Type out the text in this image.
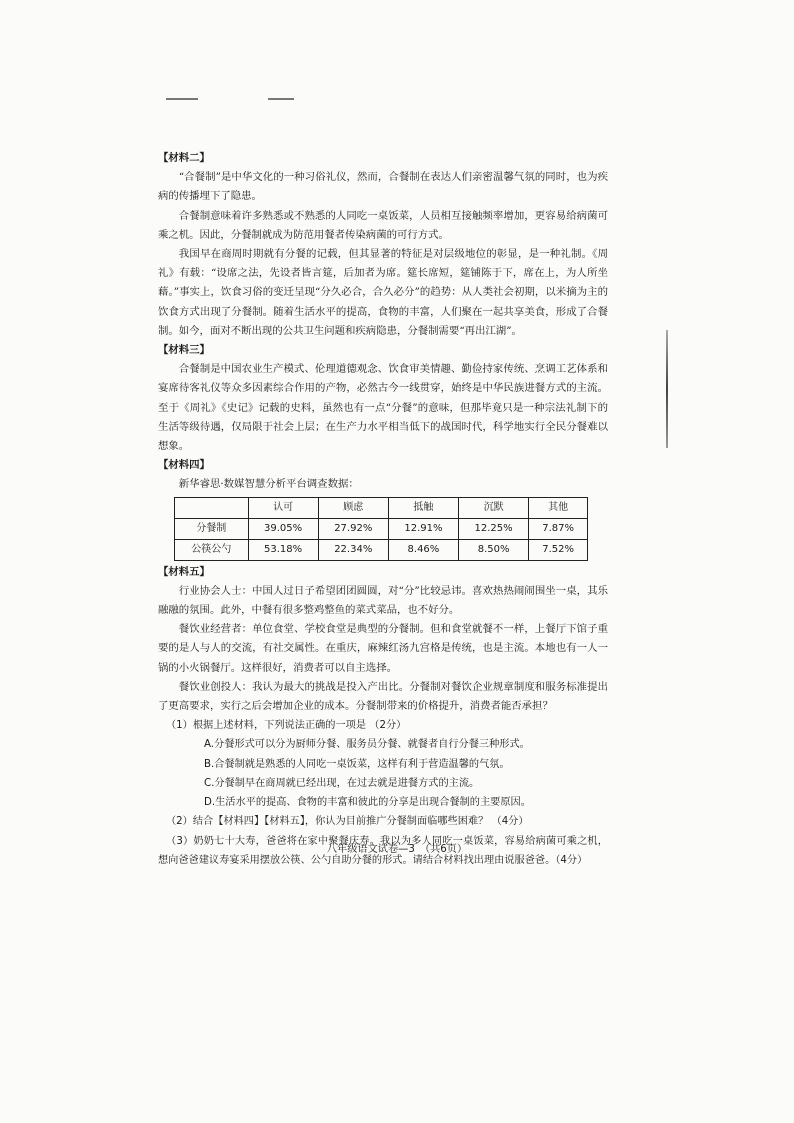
【材料二】

“合餐制”是中华文化的一种习俗礼仪，然而，合餐制在表达人们亲密温馨气氛的同时，也为疾病的传播埋下了隐患。

合餐制意味着许多熟悉或不熟悉的人同吃一桌饭菜，人员相互接触频率增加，更容易给病菌可乘之机。因此，分餐制就成为防范用餐者传染病菌的可行方式。

我国早在商周时期就有分餐的记载，但其显著的特征是对层级地位的彰显，是一种礼制。《周礼》有载：“设席之法，先设者皆言筵，后加者为席。筵长席短，筵铺陈于下，席在上，为人所坐藉。”事实上，饮食习俗的变迁呈现“分久必合，合久必分”的趋势：从人类社会初期，以米摘为主的饮食方式出现了分餐制。随着生活水平的提高，食物的丰富，人们聚在一起共享美食，形成了合餐制。如今，面对不断出现的公共卫生问题和疾病隐患，分餐制需要“再出江湖”。

【材料三】

合餐制是中国农业生产模式、伦理道德观念、饮食审美情趣、勤俭持家传统、烹调工艺体系和宴席待客礼仪等众多因素综合作用的产物，必然古今一线贯穿，始终是中华民族进餐方式的主流。至于《周礼》《史记》记载的史料，虽然也有一点“分餐”的意味，但那毕竟只是一种宗法礼制下的生活等级待遇，仅局限于社会上层；在生产力水平相当低下的战国时代，科学地实行全民分餐难以想象。

【材料四】

新华睿思·数媒智慧分析平台调查数据：

	认可	顾虑	抵触	沉默	其他
分餐制	39.05%	27.92%	12.91%	12.25%	7.87%
公筷公勺	53.18%	22.34%	8.46%	8.50%	7.52%

【材料五】

行业协会人士：中国人过日子希望团团圆圆，对“分”比较忌讳。喜欢热热闹闹围坐一桌，其乐融融的氛围。此外，中餐有很多整鸡整鱼的菜式菜品，也不好分。

餐饮业经营者：单位食堂、学校食堂是典型的分餐制。但和食堂就餐不一样，上餐厅下馆子重要的是人与人的交流，有社交属性。在重庆，麻辣红汤九宫格是传统，也是主流。本地也有一人一锅的小火锅餐厅。这样很好，消费者可以自主选择。

餐饮业创投人：我认为最大的挑战是投入产出比。分餐制对餐饮企业规章制度和服务标准提出了更高要求，实行之后会增加企业的成本。分餐制带来的价格提升，消费者能否承担？

（1）根据上述材料，下列说法正确的一项是 （2分）

A.分餐形式可以分为厨师分餐、服务员分餐、就餐者自行分餐三种形式。

B.合餐制就是熟悉的人同吃一桌饭菜，这样有利于营造温馨的气氛。

C.分餐制早在商周就已经出现，在过去就是进餐方式的主流。

D.生活水平的提高、食物的丰富和彼此的分享是出现合餐制的主要原因。

（2）结合【材料四】【材料五】，你认为目前推广分餐制面临哪些困难？ （4分）

（3）奶奶七十大寿，爸爸将在家中聚餐庆寿。我以为多人同吃一桌饭菜，容易给病菌可乘之机，想向爸爸建议寿宴采用摆放公筷、公勺自助分餐的形式。请结合材料找出理由说服爸爸。（4分）

八年级语文试卷—3　（共6页）
